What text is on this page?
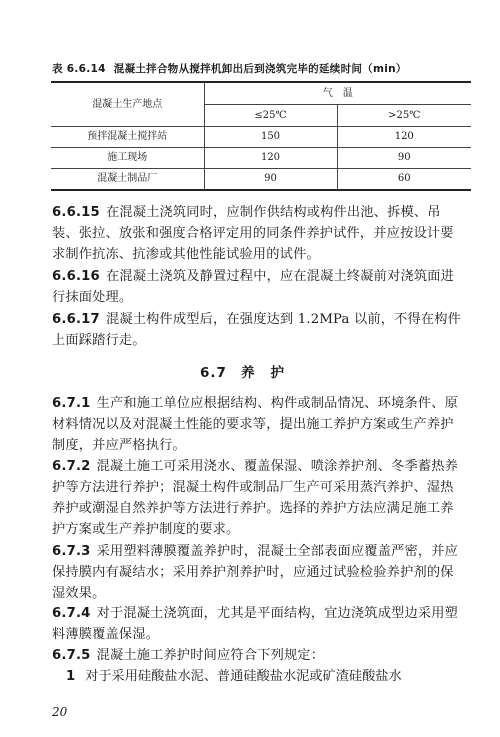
表 6.6.14 混凝土拌合物从搅拌机卸出后到浇筑完毕的延续时间（min）
混凝土生产地点	气　温	
	≤25℃	>25℃
预拌混凝土搅拌站	150	120
施工现场	120	90
混凝土制品厂	90	60
6.6.15 在混凝土浇筑同时，应制作供结构或构件出池、拆模、吊装、张拉、放张和强度合格评定用的同条件养护试件，并应按设计要求制作抗冻、抗渗或其他性能试验用的试件。
6.6.16 在混凝土浇筑及静置过程中，应在混凝土终凝前对浇筑面进行抹面处理。
6.6.17 混凝土构件成型后，在强度达到 1.2MPa 以前，不得在构件上面踩踏行走。
6.7 养护
6.7.1 生产和施工单位应根据结构、构件或制品情况、环境条件、原材料情况以及对混凝土性能的要求等，提出施工养护方案或生产养护制度，并应严格执行。
6.7.2 混凝土施工可采用浇水、覆盖保湿、喷涂养护剂、冬季蓄热养护等方法进行养护；混凝土构件或制品厂生产可采用蒸汽养护、湿热养护或潮湿自然养护等方法进行养护。选择的养护方法应满足施工养护方案或生产养护制度的要求。
6.7.3 采用塑料薄膜覆盖养护时，混凝土全部表面应覆盖严密，并应保持膜内有凝结水；采用养护剂养护时，应通过试验检验养护剂的保湿效果。
6.7.4 对于混凝土浇筑面，尤其是平面结构，宜边浇筑成型边采用塑料薄膜覆盖保湿。
6.7.5 混凝土施工养护时间应符合下列规定：
1 对于采用硅酸盐水泥、普通硅酸盐水泥或矿渣硅酸盐水
20
